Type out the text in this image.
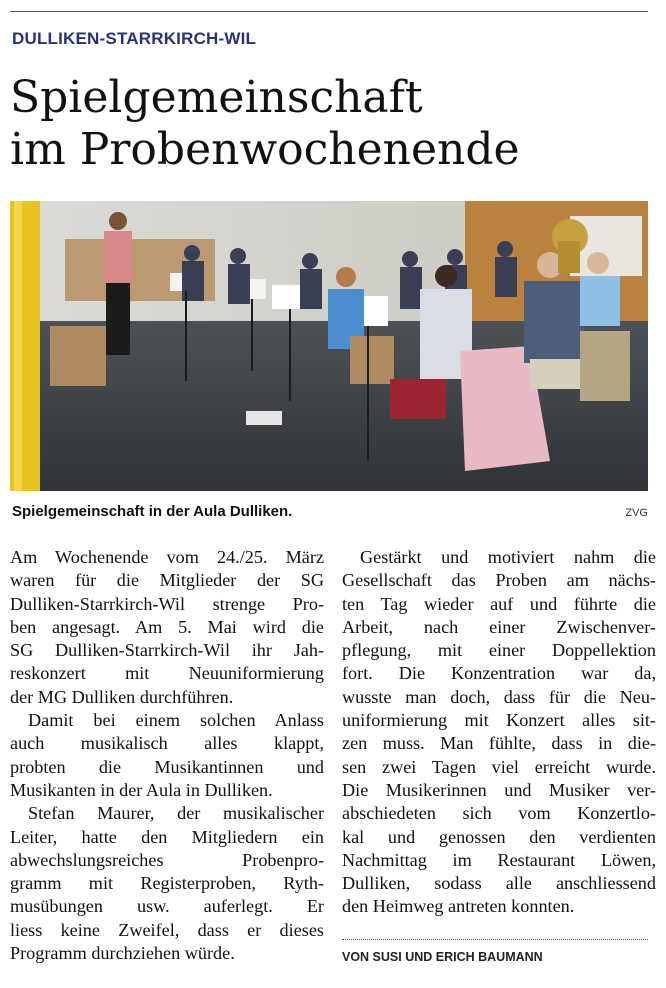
DULLIKEN-STARRKIRCH-WIL
Spielgemeinschaft
im Probenwochenende
Spielgemeinschaft in der Aula Dulliken.	ZVG
Am Wochenende vom 24./25. März
waren für die Mitglieder der SG
Dulliken-Starrkirch-Wil strenge Pro-
ben angesagt. Am 5. Mai wird die
SG Dulliken-Starrkirch-Wil ihr Jah-
reskonzert mit Neuuniformierung
der MG Dulliken durchführen.
Damit bei einem solchen Anlass
auch musikalisch alles klappt,
probten die Musikantinnen und
Musikanten in der Aula in Dulliken.
Stefan Maurer, der musikalischer
Leiter, hatte den Mitgliedern ein
abwechslungsreiches Probenpro-
gramm mit Registerproben, Ryth-
musübungen usw. auferlegt. Er
liess keine Zweifel, dass er dieses
Programm durchziehen würde.
Gestärkt und motiviert nahm die
Gesellschaft das Proben am nächs-
ten Tag wieder auf und führte die
Arbeit, nach einer Zwischenver-
pflegung, mit einer Doppellektion
fort. Die Konzentration war da,
wusste man doch, dass für die Neu-
uniformierung mit Konzert alles sit-
zen muss. Man fühlte, dass in die-
sen zwei Tagen viel erreicht wurde.
Die Musikerinnen und Musiker ver-
abschiedeten sich vom Konzertlo-
kal und genossen den verdienten
Nachmittag im Restaurant Löwen,
Dulliken, sodass alle anschliessend
den Heimweg antreten konnten.
VON SUSI UND ERICH BAUMANN
